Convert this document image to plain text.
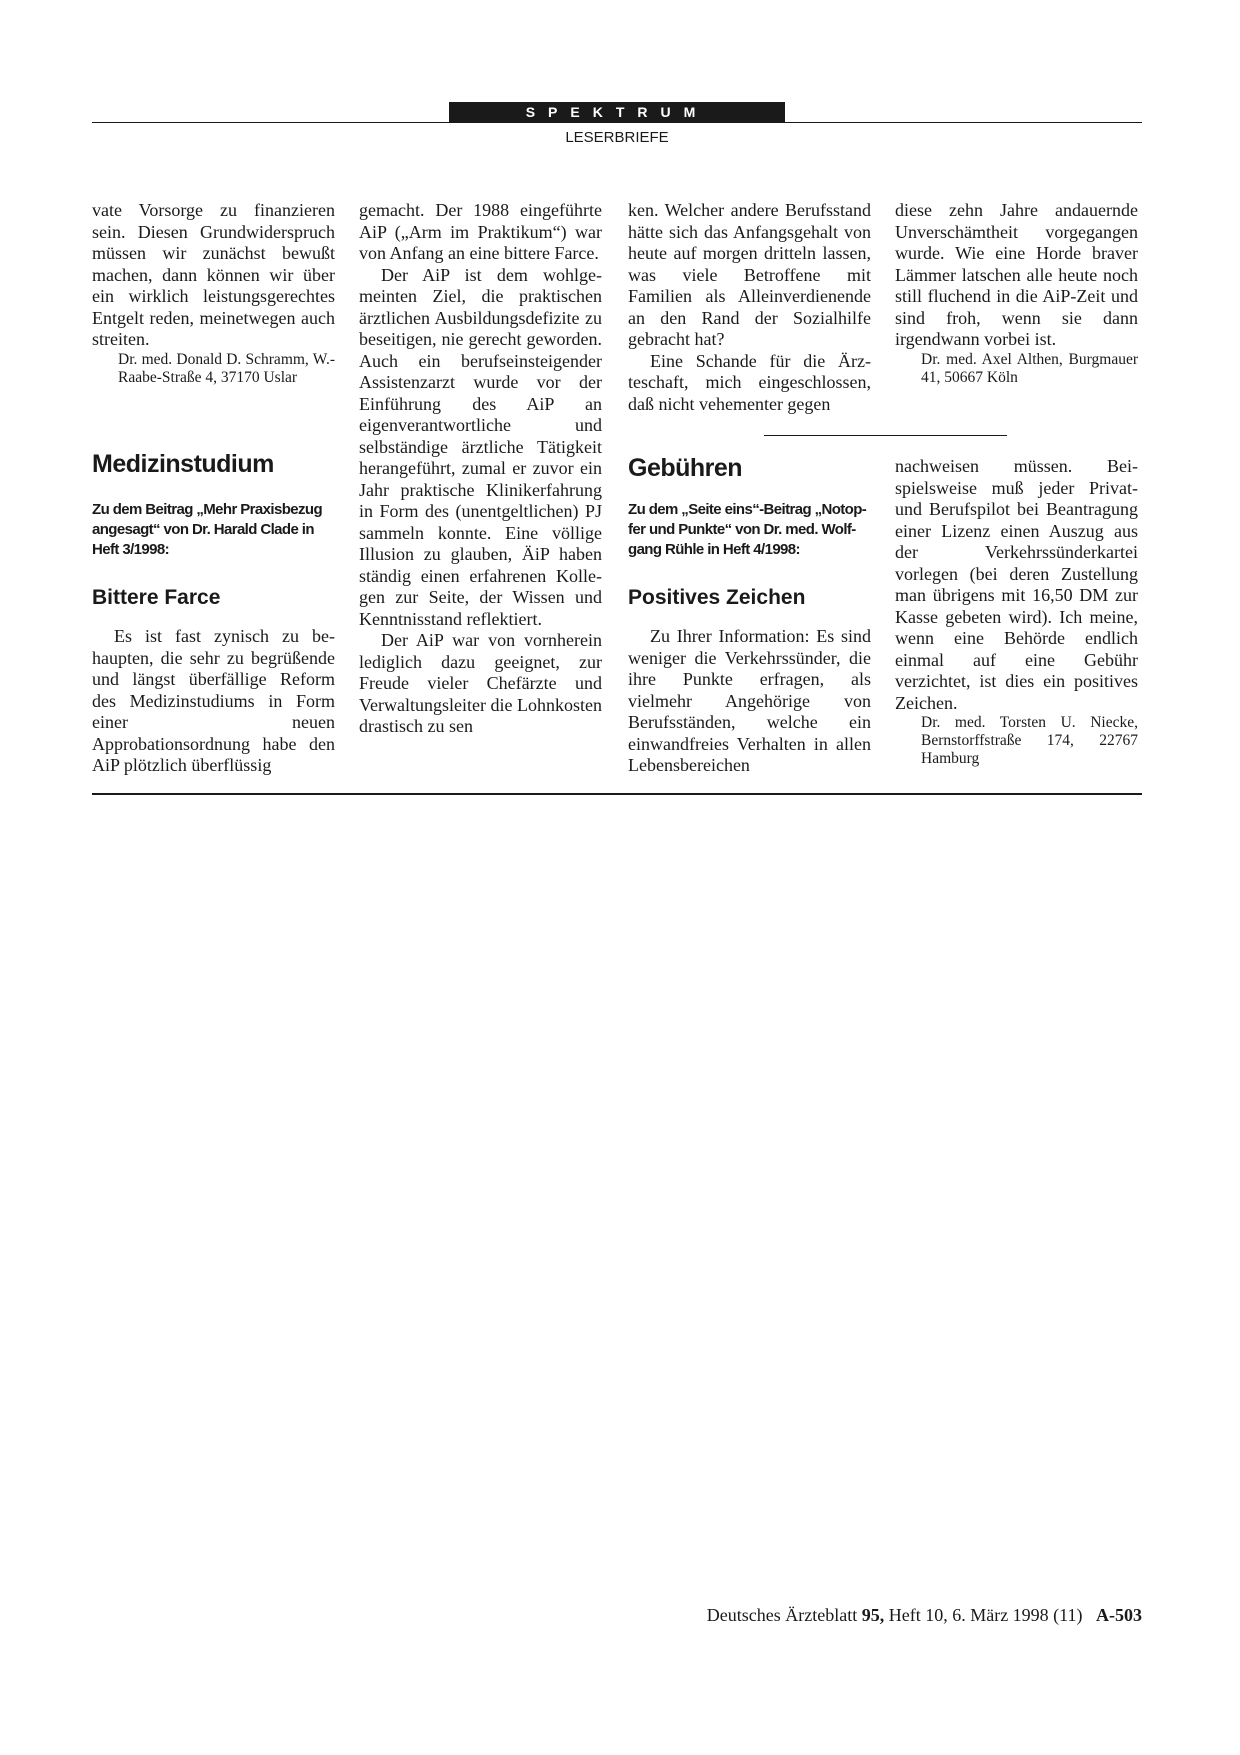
SPEKTRUM
LESERBRIEFE

vate Vorsorge zu finanzieren sein. Diesen Grundwiderspruch müssen wir zunächst bewußt machen, dann können wir über ein wirklich leistungsgerechtes Entgelt reden, meinetwegen auch streiten.

Dr. med. Donald D. Schramm, W.-Raabe-Straße 4, 37170 Uslar

Medizinstudium

Zu dem Beitrag „Mehr Praxisbezug angesagt“ von Dr. Harald Clade in Heft 3/1998:

Bittere Farce

Es ist fast zynisch zu behaupten, die sehr zu begrüßende und längst überfällige Reform des Medizinstudiums in Form einer neuen Approbationsordnung habe den AiP plötzlich überflüssig

gemacht. Der 1988 eingeführte AiP („Arm im Praktikum“) war von Anfang an eine bittere Farce.

Der AiP ist dem wohlgemeinten Ziel, die praktischen ärztlichen Ausbildungsdefizite zu beseitigen, nie gerecht geworden. Auch ein berufseinsteigender Assistenzarzt wurde vor der Einführung des AiP an eigenverantwortliche und selbständige ärztliche Tätigkeit herangeführt, zumal er zuvor ein Jahr praktische Klinikerfahrung in Form des (unentgeltlichen) PJ sammeln konnte. Eine völlige Illusion zu glauben, ÄiP haben ständig einen erfahrenen Kollegen zur Seite, der Wissen und Kenntnisstand reflektiert.

Der AiP war von vornherein lediglich dazu geeignet, zur Freude vieler Chefärzte und Verwaltungsleiter die Lohnkosten drastisch zu sen

ken. Welcher andere Berufsstand hätte sich das Anfangsgehalt von heute auf morgen dritteln lassen, was viele Betroffene mit Familien als Alleinverdienende an den Rand der Sozialhilfe gebracht hat?

Eine Schande für die Ärzteschaft, mich eingeschlossen, daß nicht vehementer gegen

diese zehn Jahre andauernde Unverschämtheit vorgegangen wurde. Wie eine Horde braver Lämmer latschen alle heute noch still fluchend in die AiP-Zeit und sind froh, wenn sie dann irgendwann vorbei ist.

Dr. med. Axel Althen, Burgmauer 41, 50667 Köln

Gebühren

Zu dem „Seite eins“-Beitrag „Notopfer und Punkte“ von Dr. med. Wolfgang Rühle in Heft 4/1998:

Positives Zeichen

Zu Ihrer Information: Es sind weniger die Verkehrssünder, die ihre Punkte erfragen, als vielmehr Angehörige von Berufsständen, welche ein einwandfreies Verhalten in allen Lebensbereichen

nachweisen müssen. Beispielsweise muß jeder Privat- und Berufspilot bei Beantragung einer Lizenz einen Auszug aus der Verkehrssünderkartei vorlegen (bei deren Zustellung man übrigens mit 16,50 DM zur Kasse gebeten wird). Ich meine, wenn eine Behörde endlich einmal auf eine Gebühr verzichtet, ist dies ein positives Zeichen.

Dr. med. Torsten U. Niecke, Bernstorffstraße 174, 22767 Hamburg

Deutsches Ärzteblatt 95, Heft 10, 6. März 1998 (11) A-503
